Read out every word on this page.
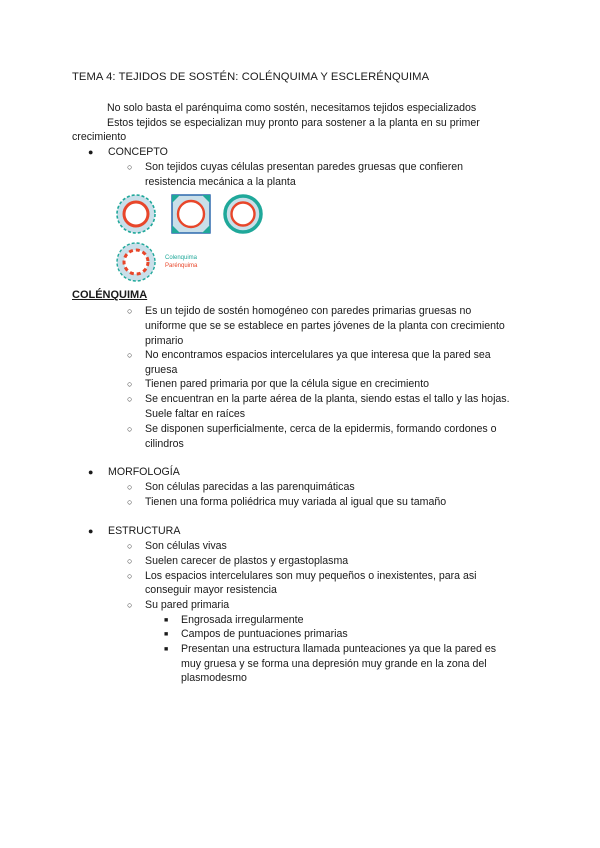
TEMA 4: TEJIDOS DE SOSTÉN: COLÉNQUIMA Y ESCLERÉNQUIMA
No solo basta el parénquima como sostén, necesitamos tejidos especializados
Estos tejidos se especializan muy pronto para sostener a la planta en su primer
crecimiento
● CONCEPTO
○ Son tejidos cuyas células presentan paredes gruesas que confieren
resistencia mecánica a la planta
Colenquima
Parénquima
COLÉNQUIMA
○ Es un tejido de sostén homogéneo con paredes primarias gruesas no
uniforme que se se establece en partes jóvenes de la planta con crecimiento
primario
○ No encontramos espacios intercelulares ya que interesa que la pared sea
gruesa
○ Tienen pared primaria por que la célula sigue en crecimiento
○ Se encuentran en la parte aérea de la planta, siendo estas el tallo y las hojas.
Suele faltar en raíces
○ Se disponen superficialmente, cerca de la epidermis, formando cordones o
cilindros
● MORFOLOGÍA
○ Son células parecidas a las parenquimáticas
○ Tienen una forma poliédrica muy variada al igual que su tamaño
● ESTRUCTURA
○ Son células vivas
○ Suelen carecer de plastos y ergastoplasma
○ Los espacios intercelulares son muy pequeños o inexistentes, para asi
conseguir mayor resistencia
○ Su pared primaria
■ Engrosada irregularmente
■ Campos de puntuaciones primarias
■ Presentan una estructura llamada punteaciones ya que la pared es
muy gruesa y se forma una depresión muy grande en la zona del
plasmodesmo
